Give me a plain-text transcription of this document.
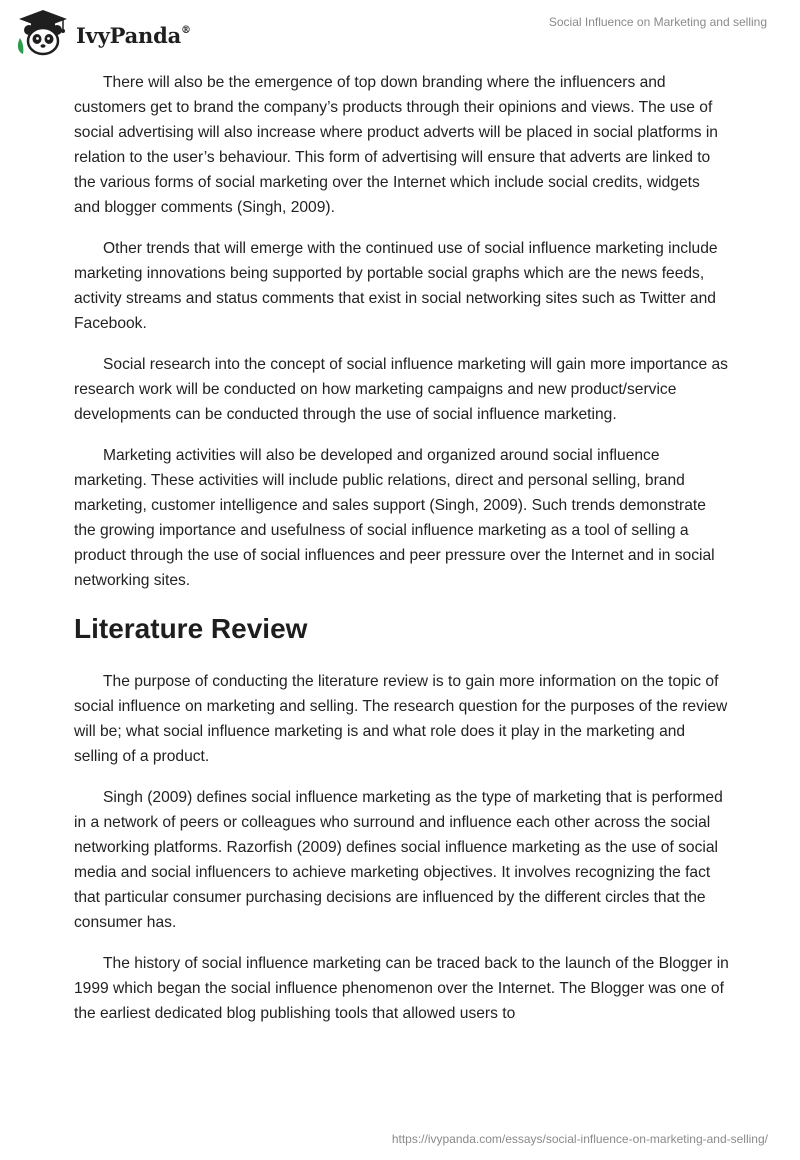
IvyPanda®
Social Influence on Marketing and selling

There will also be the emergence of top down branding where the influencers and customers get to brand the company’s products through their opinions and views. The use of social advertising will also increase where product adverts will be placed in social platforms in relation to the user’s behaviour. This form of advertising will ensure that adverts are linked to the various forms of social marketing over the Internet which include social credits, widgets and blogger comments (Singh, 2009).

Other trends that will emerge with the continued use of social influence marketing include marketing innovations being supported by portable social graphs which are the news feeds, activity streams and status comments that exist in social networking sites such as Twitter and Facebook.

Social research into the concept of social influence marketing will gain more importance as research work will be conducted on how marketing campaigns and new product/service developments can be conducted through the use of social influence marketing.

Marketing activities will also be developed and organized around social influence marketing. These activities will include public relations, direct and personal selling, brand marketing, customer intelligence and sales support (Singh, 2009). Such trends demonstrate the growing importance and usefulness of social influence marketing as a tool of selling a product through the use of social influences and peer pressure over the Internet and in social networking sites.

Literature Review

The purpose of conducting the literature review is to gain more information on the topic of social influence on marketing and selling. The research question for the purposes of the review will be; what social influence marketing is and what role does it play in the marketing and selling of a product.

Singh (2009) defines social influence marketing as the type of marketing that is performed in a network of peers or colleagues who surround and influence each other across the social networking platforms. Razorfish (2009) defines social influence marketing as the use of social media and social influencers to achieve marketing objectives. It involves recognizing the fact that particular consumer purchasing decisions are influenced by the different circles that the consumer has.

The history of social influence marketing can be traced back to the launch of the Blogger in 1999 which began the social influence phenomenon over the Internet. The Blogger was one of the earliest dedicated blog publishing tools that allowed users to

https://ivypanda.com/essays/social-influence-on-marketing-and-selling/
